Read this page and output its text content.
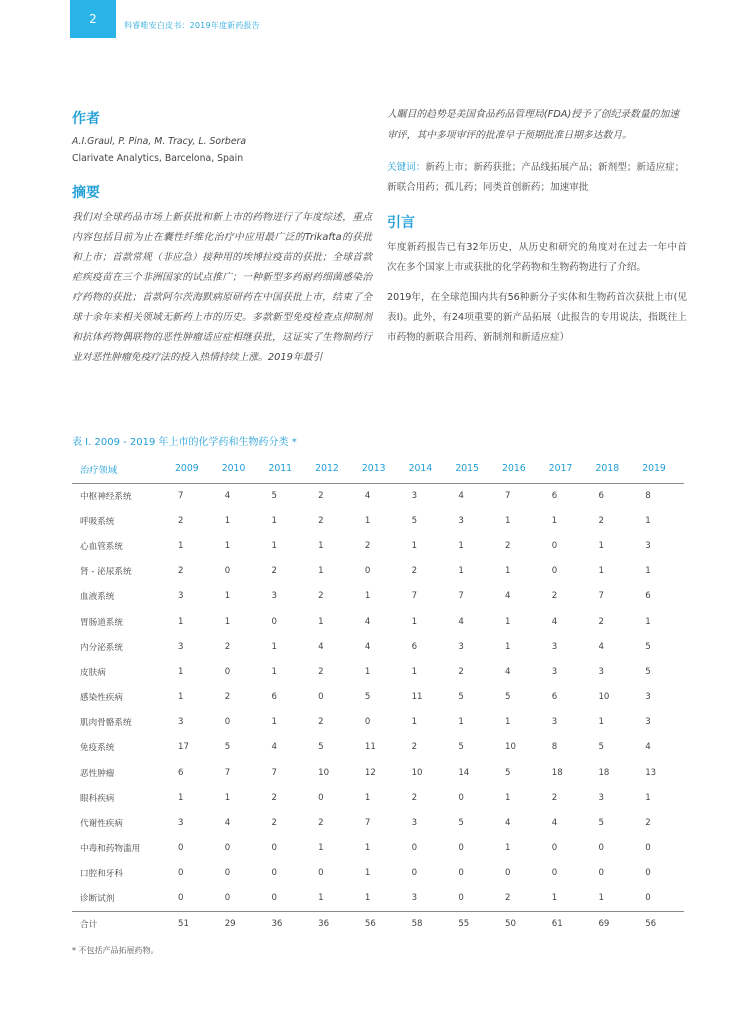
2	科睿唯安白皮书：2019年度新药报告
作者
A.I.Graul, P. Pina, M. Tracy, L. Sorbera
Clarivate Analytics, Barcelona, Spain
摘要
我们对全球药品市场上新获批和新上市的药物进行了年度综述，重点内容包括目前为止在囊性纤维化治疗中应用最广泛的Trikafta的获批和上市；首款常规（非应急）接种用的埃博拉疫苗的获批；全球首款疟疾疫苗在三个非洲国家的试点推广；一种新型多药耐药细菌感染治疗药物的获批；首款阿尔茨海默病原研药在中国获批上市，结束了全球十余年来相关领域无新药上市的历史。多款新型免疫检查点抑制剂和抗体药物偶联物的恶性肿瘤适应症相继获批，这证实了生物制药行业对恶性肿瘤免疫疗法的投入热情持续上涨。2019年最引
人瞩目的趋势是美国食品药品管理局(FDA)授予了创纪录数量的加速审评，其中多项审评的批准早于预期批准日期多达数月。
关键词：新药上市；新药获批；产品线拓展产品；新剂型；新适应症；新联合用药；孤儿药；同类首创新药；加速审批
引言
年度新药报告已有32年历史，从历史和研究的角度对在过去一年中首次在多个国家上市或获批的化学药物和生物药物进行了介绍。
2019年，在全球范围内共有56种新分子实体和生物药首次获批上市(见表I)。此外，有24项重要的新产品拓展（此报告的专用说法，指既往上市药物的新联合用药、新制剂和新适应症）
表 I. 2009 - 2019 年上市的化学药和生物药分类 *
治疗领域	2009	2010	2011	2012	2013	2014	2015	2016	2017	2018	2019
中枢神经系统	7	4	5	2	4	3	4	7	6	6	8
呼吸系统	2	1	1	2	1	5	3	1	1	2	1
心血管系统	1	1	1	1	2	1	1	2	0	1	3
肾 - 泌尿系统	2	0	2	1	0	2	1	1	0	1	1
血液系统	3	1	3	2	1	7	7	4	2	7	6
胃肠道系统	1	1	0	1	4	1	4	1	4	2	1
内分泌系统	3	2	1	4	4	6	3	1	3	4	5
皮肤病	1	0	1	2	1	1	2	4	3	3	5
感染性疾病	1	2	6	0	5	11	5	5	6	10	3
肌肉骨骼系统	3	0	1	2	0	1	1	1	3	1	3
免疫系统	17	5	4	5	11	2	5	10	8	5	4
恶性肿瘤	6	7	7	10	12	10	14	5	18	18	13
眼科疾病	1	1	2	0	1	2	0	1	2	3	1
代谢性疾病	3	4	2	2	7	3	5	4	4	5	2
中毒和药物滥用	0	0	0	1	1	0	0	1	0	0	0
口腔和牙科	0	0	0	0	1	0	0	0	0	0	0
诊断试剂	0	0	0	1	1	3	0	2	1	1	0
合计	51	29	36	36	56	58	55	50	61	69	56
* 不包括产品拓展药物。
